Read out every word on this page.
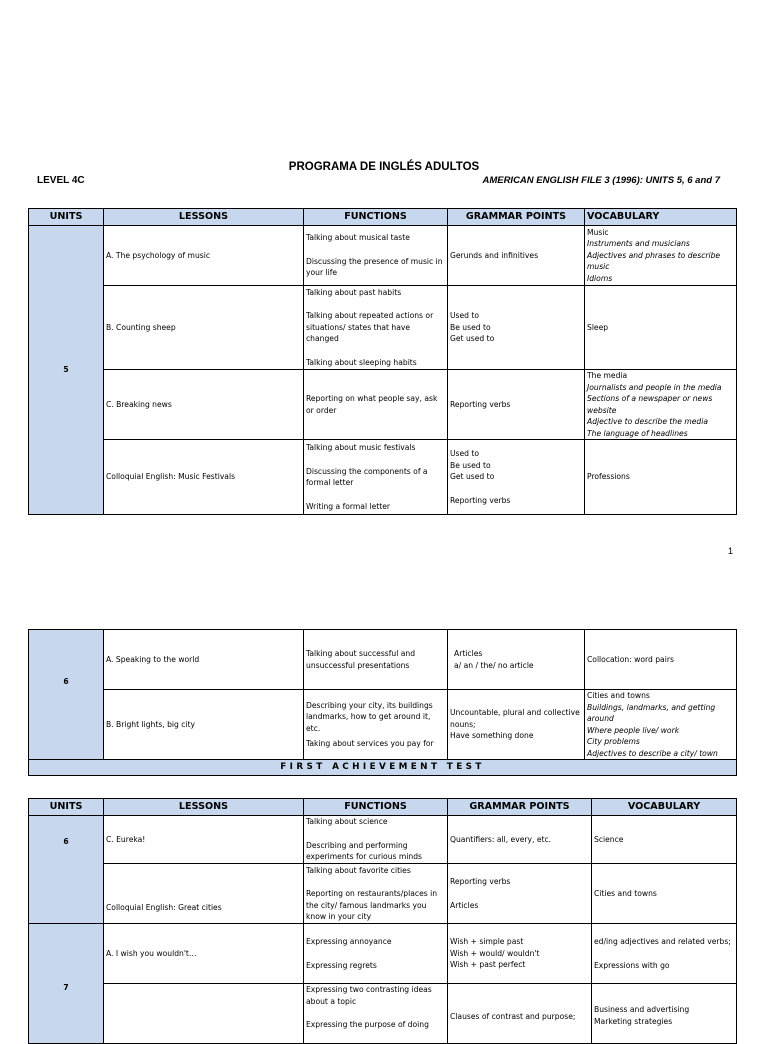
PROGRAMA DE INGLÉS ADULTOS
LEVEL 4C	AMERICAN ENGLISH FILE 3 (1996): UNITS 5, 6 and 7
UNITS	LESSONS	FUNCTIONS	GRAMMAR POINTS	VOCABULARY
5	A. The psychology of music	Talking about musical taste
Discussing the presence of music in your life	Gerunds and infinitives	Music
Instruments and musicians
Adjectives and phrases to describe music
Idioms

	B. Counting sheep	Talking about past habits
Talking about repeated actions or situations/ states that have changed
Talking about sleeping habits	Used to
Be used to
Get used to	Sleep

	C. Breaking news	Reporting on what people say, ask or order	Reporting verbs	The media
Journalists and people in the media
Sections of a newspaper or news website
Adjective to describe the media
The language of headlines

	Colloquial English: Music Festivals	Talking about music festivals
Discussing the components of a formal letter
Writing a formal letter	Used to
Be used to
Get used to
Reporting verbs	Professions
1
6	A. Speaking to the world	Talking about successful and unsuccessful presentations	Articles
a/ an / the/ no article	Collocation: word pairs

	B. Bright lights, big city	Describing your city, its buildings landmarks, how to get around it, etc.
Taking about services you pay for	Uncountable, plural and collective nouns;
Have something done	Cities and towns
Buildings, landmarks, and getting around
Where people live/ work
City problems
Adjectives to describe a city/ town

FIRST ACHIEVEMENT TEST				
UNITS	LESSONS	FUNCTIONS	GRAMMAR POINTS	VOCABULARY
6	C. Eureka!	Talking about science
Describing and performing experiments for curious minds	Quantifiers: all, every, etc.	Science

	Colloquial English: Great cities	Talking about favorite cities
Reporting on restaurants/places in the city/ famous landmarks you know in your city	Reporting verbs
Articles	Cities and towns

7	A. I wish you wouldn't…	Expressing annoyance
Expressing regrets	Wish + simple past
Wish + would/ wouldn't
Wish + past perfect	ed/ing adjectives and related verbs;
Expressions with go

		Expressing two contrasting ideas about a topic
Expressing the purpose of doing	Clauses of contrast and purpose;	Business and advertising
Marketing strategies
